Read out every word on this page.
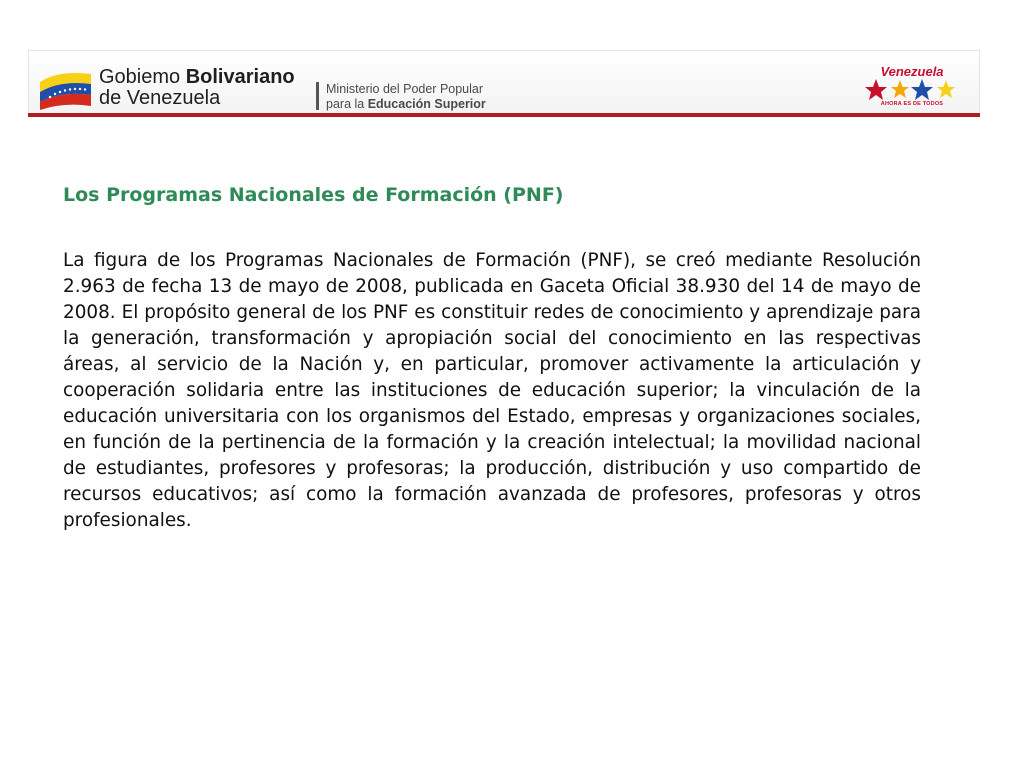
Gobiemo Bolivariano
de Venezuela	Ministerio del Poder Popular
para la Educación Superior
Venezuela
AHORA ES DE TODOS
Los Programas Nacionales de Formación (PNF)

La figura de los Programas Nacionales de Formación (PNF), se creó mediante Resolución 2.963 de fecha 13 de mayo de 2008, publicada en Gaceta Oficial 38.930 del 14 de mayo de 2008. El propósito general de los PNF es constituir redes de conocimiento y aprendizaje para la generación, transformación y apropiación social del conocimiento en las respectivas áreas, al servicio de la Nación y, en particular, promover activamente la articulación y cooperación solidaria entre las instituciones de educación superior; la vinculación de la educación universitaria con los organismos del Estado, empresas y organizaciones sociales, en función de la pertinencia de la formación y la creación intelectual; la movilidad nacional de estudiantes, profesores y profesoras; la producción, distribución y uso compartido de recursos educativos; así como la formación avanzada de profesores, profesoras y otros profesionales.
